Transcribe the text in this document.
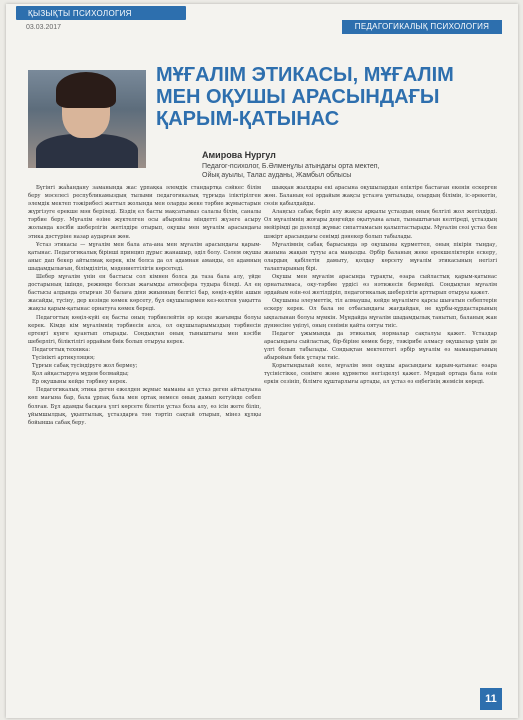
ҚЫЗЫҚТЫ ПСИХОЛОГИЯ
03.03.2017	ПЕДАГОГИКАЛЫҚ ПСИХОЛОГИЯ
МҰҒАЛІМ ЭТИКАСЫ, МҰҒАЛІМ
МЕН ОҚУШЫ АРАСЫНДАҒЫ
ҚАРЫМ-ҚАТЫНАС
Амирова Нургул
Педагог-психолог, Б.Әлменұлы атындағы орта мектеп,
Ойық ауылы, Талас ауданы, Жамбыл облысы

Бүгінгі жаһандану заманында жас ұрпақка әлемдік стандартқа сәйкес білім беру мәселесі республикамыздың тылыми педагогикалық тұрғыда іліктірілген әлемдік мектеп тәжірибесі жаттыл жолында мен оларды жеке тәрбие жұмыстарын жүргізуге ерекше мән беріледі. Біздің ел басты мақсатымыз салалы білім, саналы тәрбие беру. Мұғалім өзіне жүктелген осы абыройлы міндетті жүзеге асыру жолында кәсіби шеберлігін жетілдіре отырып, оқушы мен мұғалім арасындағы этика дәстүріне назар аударған жөн.

Ұстаз этикасы — мұғалім мен бала ата-ана мен мұғалім арасындағы қарым-қатынас. Педагогикалық бірінші принцип дұрыс жанашыр, әділ болу. Сәлем оқушы аныс дап бекер айтылмақ керек, кім болса да ол адамнан аманды, ол адамның шыдамдылығын, білімділігін, мәдениеттілігін көрсетеді.

Шебер мұғалім үнін ен бастысы сол кімнен болса да таза бала алу, үйде достарының ішінде, режимде болсын жағымды атмосфера тудыра біледі. Ал ең бастысы алдында отырған 30 балаға діни жиынның белгісі бар, көңіл-күйін ашын жасайды, түсіну, дер кезінде көмек көрсету, бұл оқушылармен кез-келген уақытта жақсы қарым-қатынас орнатуға көмек береді.

Педагогтың көңіл-күйі ең басты оның тәрбиелейтін әр кезде жағымды болуы керек. Кімде кім мұғалімнің тәрбиесін алса, ол оқушыларымыздың тәрбиесін ертеңгі күнге қуантып отырады. Сондықтан оның тыныштығы мен кәсіби шеберлігі, біліктілігі әрдайым биік болып отыруы керек.

Педагогтық техника:

Түсінікті артикуляция;

Тұрғын сабақ түсіндіруге жол бермеу;

Қол айқастыруға мүдем болмайды;

Ер оқушыны кейде тәрбиеу керек.

Педагогикалық этика деген ежелден жұмыс маманы ал ұстаз деген айтылуына көп мағына бар, бала ұрпақ бала мен ортақ немесе оның дамып кетуінде себеп болған. Бұл адамды басқаға үлгі көрсете білетін ұстаз бола алу, өз ісін жете біліп, ұйымшылдық, ұқыптылық, ұстаздарға тән тәртіп сақтай отырып, мінез құлқы бойынша сабақ беру.

шыққан жылдары екі арасына оқушылардан еліктіре бастаған екенін ескерген жөн. Баланың өзі әрдайым жақсы ұстазға ұмтылады, олардың білімін, іс-әрекетін, сөзін қабылдайды.

Алаңсыз сабақ беріп алу жақсы арқылы ұстаздың оның белгілі жол жетілдірді. Ол мұғалімнің жоғары деңгейде оқытуына алып, тыныштығын келтіреді, ұстаздың мейірімді де дәлелді жұмыс сипаттамасын қалыптастырады. Мұғалім сөзі ұстаз бен шәкірт арасындағы сенімді дәнекер болып табылады.

Мұғалімнің сабақ барысында әр оқушыны құрметтеп, оның пікірін тыңдау, жанына жақын тұтуы аса маңызды. Әрбір баланың жеке ерекшеліктерін ескеру, олардың қабілетін дамыту, қолдау көрсету мұғалім этикасының негізгі талаптарының бірі.

Оқушы мен мұғалім арасында тұрақты, өзара сыйластық қарым-қатынас орнатылмаса, оқу-тәрбие үрдісі өз нәтижесін бермейді. Сондықтан мұғалім әрдайым өзін-өзі жетілдіріп, педагогикалық шеберлігін арттырып отыруы қажет.

Оқушыны әлеуметтік, тіл алмаушы, кейде мұғалімге қарсы шығатын себептерін ескеру керек. Ол бала не отбасындағы жағдайдан, не құрбы-құрдастарының ықпалынан болуы мүмкін. Мұндайда мұғалім шыдамдылық танытып, баланың жан дүниесіне үңілуі, оның сенімін қайта оятуы тиіс.

Педагог ұжымында да этикалық нормалар сақталуы қажет. Ұстаздар арасындағы сыйластық, бір-біріне көмек беру, тәжірибе алмасу оқушылар үшін де үлгі болып табылады. Сондықтан мектептегі әрбір мұғалім өз мамандығының абыройын биік ұстауы тиіс.

Қорытындылай келе, мұғалім мен оқушы арасындағы қарым-қатынас өзара түсіністікке, сенімге және құрметке негізделуі қажет. Мұндай ортада бала өзін еркін сезініп, білімге құштарлығы артады, ал ұстаз өз еңбегінің жемісін көреді.

11
